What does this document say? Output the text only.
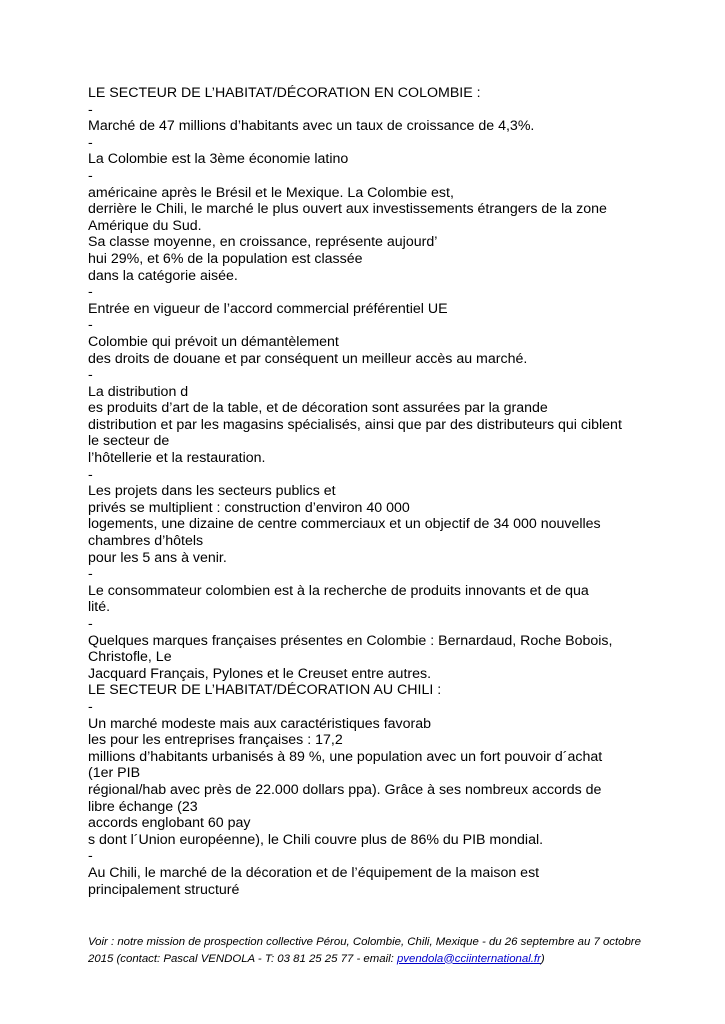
LE SECTEUR DE L’HABITAT/DÉCORATION EN COLOMBIE :
-
Marché de 47 millions d’habitants avec un taux de croissance de 4,3%.
-
La Colombie est la 3ème économie latino
-
américaine après le Brésil et le Mexique. La Colombie est,
derrière le Chili, le marché le plus ouvert aux investissements étrangers de la zone
Amérique du Sud.
Sa classe moyenne, en croissance, représente aujourd’
hui 29%, et 6% de la population est classée
dans la catégorie aisée.
-
Entrée en vigueur de l’accord commercial préférentiel UE
-
Colombie qui prévoit un démantèlement
des droits de douane et par conséquent un meilleur accès au marché.
-
La distribution d
es produits d’art de la table, et de décoration sont assurées par la grande
distribution et par les magasins spécialisés, ainsi que par des distributeurs qui ciblent
le secteur de
l’hôtellerie et la restauration.
-
Les projets dans les secteurs publics et
privés se multiplient : construction d’environ 40 000
logements, une dizaine de centre commerciaux et un objectif de 34 000 nouvelles
chambres d’hôtels
pour les 5 ans à venir.
-
Le consommateur colombien est à la recherche de produits innovants et de qua
lité.
-
Quelques marques françaises présentes en Colombie : Bernardaud, Roche Bobois,
Christofle, Le
Jacquard Français, Pylones et le Creuset entre autres.
LE SECTEUR DE L’HABITAT/DÉCORATION AU CHILI :
-
Un marché modeste mais aux caractéristiques favorab
les pour les entreprises françaises : 17,2
millions d’habitants urbanisés à 89 %, une population avec un fort pouvoir d´achat
(1er PIB
régional/hab avec près de 22.000 dollars ppa). Grâce à ses nombreux accords de
libre échange (23
accords englobant 60 pay
s dont l´Union européenne), le Chili couvre plus de 86% du PIB mondial.
-
Au Chili, le marché de la décoration et de l’équipement de la maison est
principalement structuré
Voir : notre mission de prospection collective Pérou, Colombie, Chili, Mexique - du 26 septembre au 7 octobre 2015 (contact: Pascal VENDOLA - T: 03 81 25 25 77 - email: pvendola@cciinternational.fr)
